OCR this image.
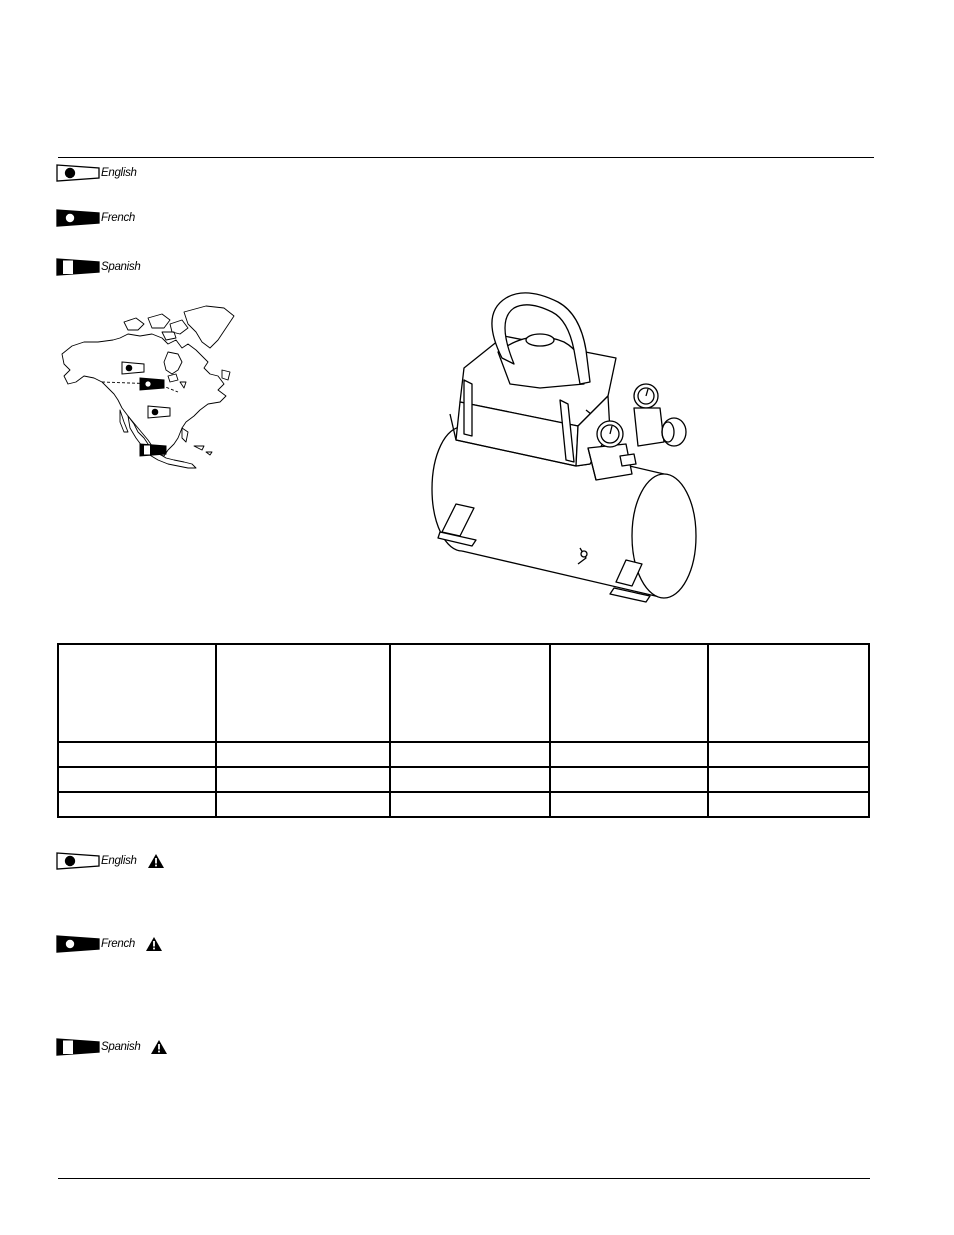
English
French
Spanish

English
French
Spanish
